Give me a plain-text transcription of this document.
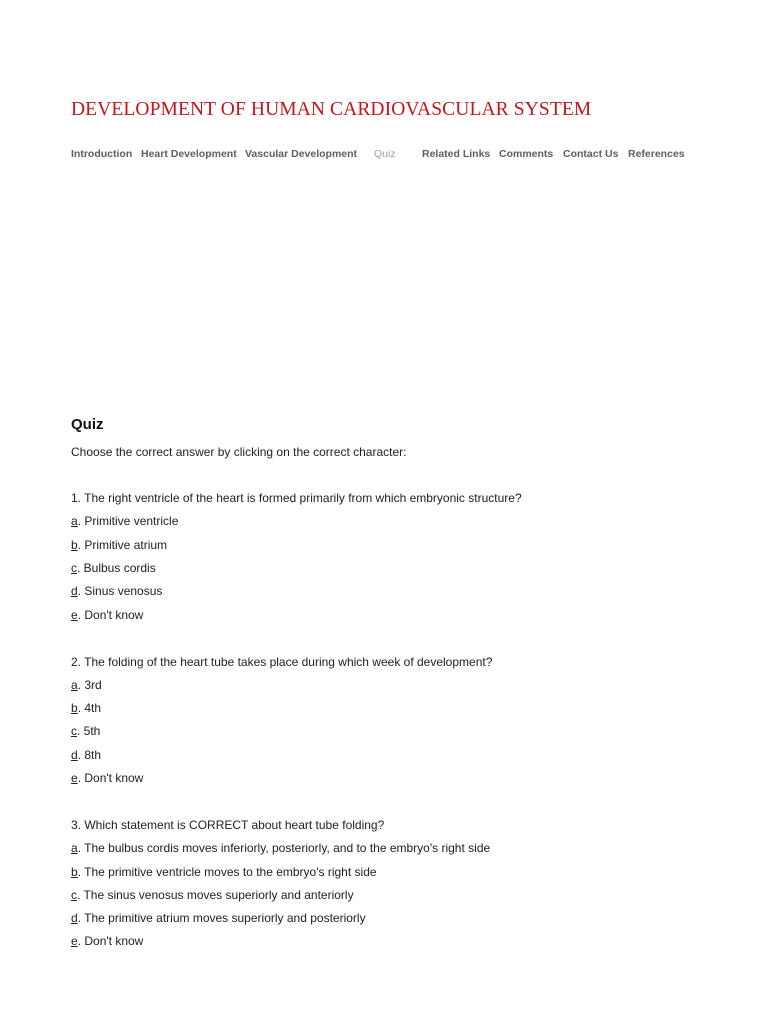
DEVELOPMENT OF HUMAN CARDIOVASCULAR SYSTEM
Introduction Heart Development Vascular Development Quiz	Related Links Comments Contact Us References
Quiz

Choose the correct answer by clicking on the correct character:

1. The right ventricle of the heart is formed primarily from which embryonic structure?

a. Primitive ventricle

b. Primitive atrium

c. Bulbus cordis

d. Sinus venosus

e. Don't know

2. The folding of the heart tube takes place during which week of development?

a. 3rd

b. 4th

c. 5th

d. 8th

e. Don't know

3. Which statement is CORRECT about heart tube folding?

a. The bulbus cordis moves inferiorly, posteriorly, and to the embryo's right side

b. The primitive ventricle moves to the embryo's right side

c. The sinus venosus moves superiorly and anteriorly

d. The primitive atrium moves superiorly and posteriorly

e. Don't know
